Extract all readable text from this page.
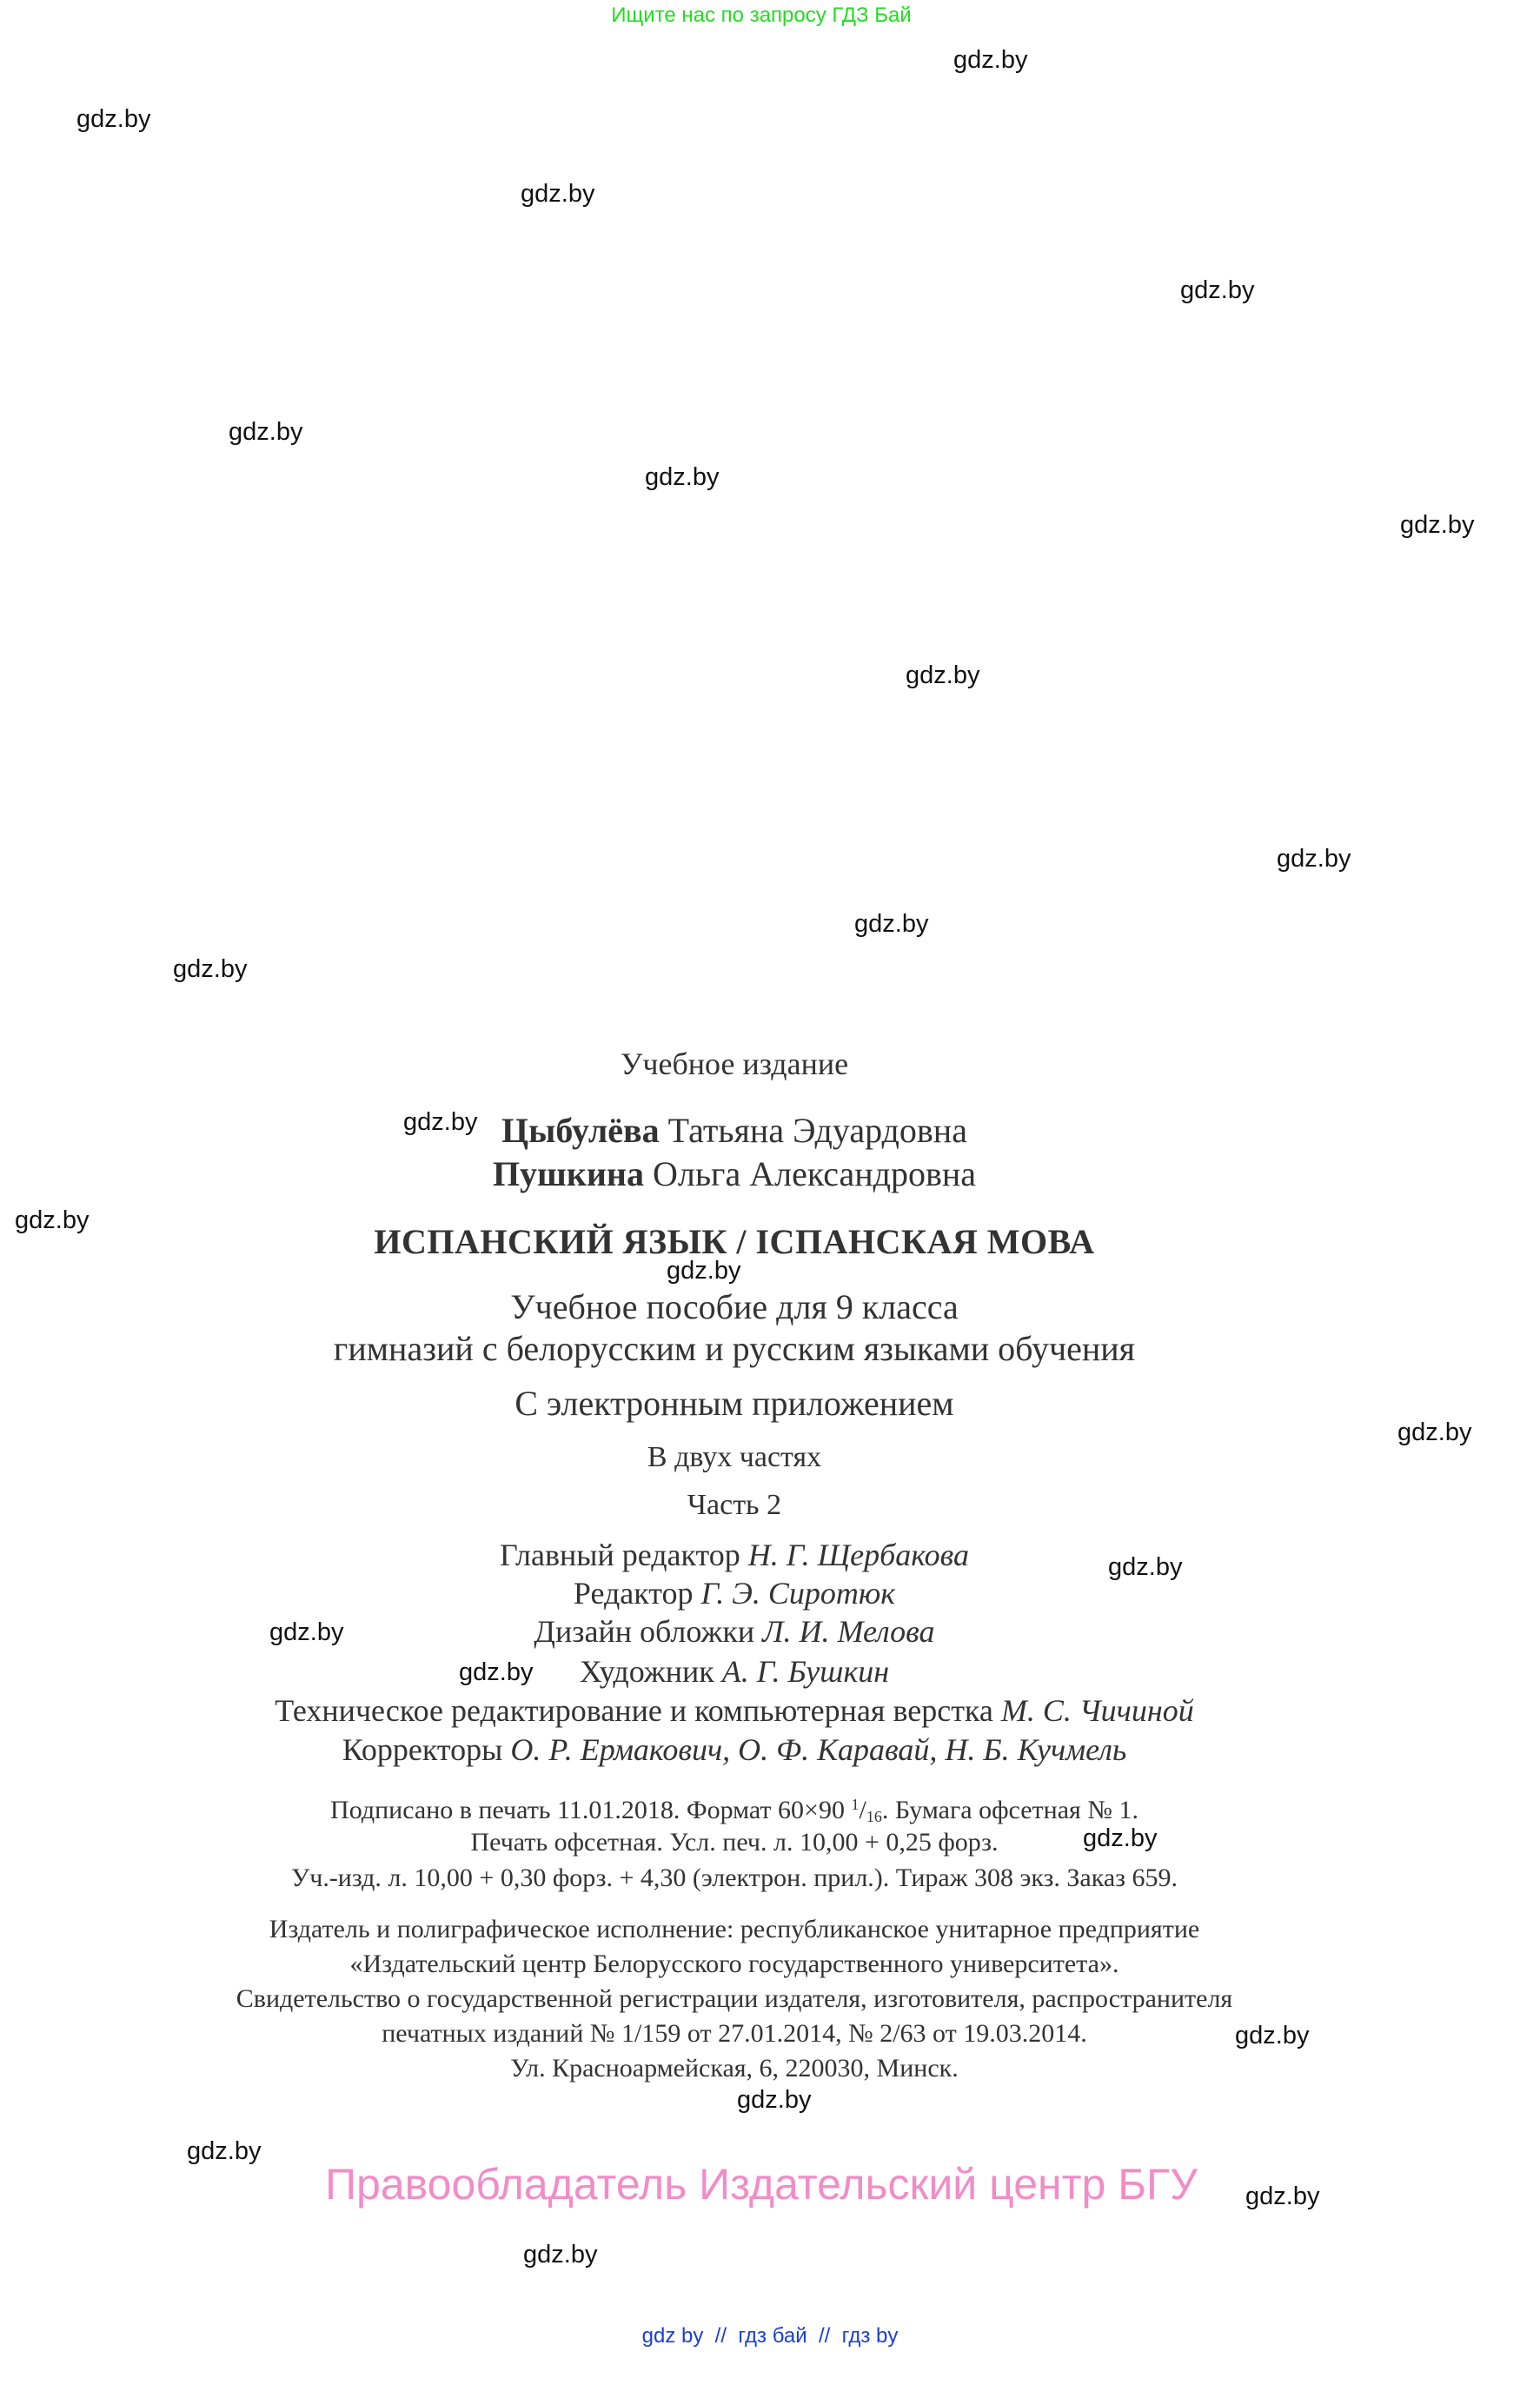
Ищите нас по запросу ГДЗ Бай
gdz.by
gdz.by
gdz.by
gdz.by
gdz.by
gdz.by
gdz.by
gdz.by
gdz.by
gdz.by
gdz.by
gdz.by
gdz.by
gdz.by
gdz.by
gdz.by
gdz.by
gdz.by
gdz.by
gdz.by
gdz.by
gdz.by
gdz.by
gdz.by
Учебное издание
Цыбулёва Татьяна Эдуардовна
Пушкина Ольга Александровна
ИСПАНСКИЙ ЯЗЫК / ІСПАНСКАЯ МОВА
Учебное пособие для 9 класса
гимназий с белорусским и русским языками обучения
С электронным приложением
В двух частях
Часть 2
Главный редактор Н. Г. Щербакова
Редактор Г. Э. Сиротюк
Дизайн обложки Л. И. Мелова
Художник А. Г. Бушкин
Техническое редактирование и компьютерная верстка М. С. Чичиной
Корректоры О. Р. Ермакович, О. Ф. Каравай, Н. Б. Кучмель
Подписано в печать 11.01.2018. Формат 60×90 $^1/_{16}$. Бумага офсетная № 1.
Печать офсетная. Усл. печ. л. 10,00 + 0,25 форз.
Уч.-изд. л. 10,00 + 0,30 форз. + 4,30 (электрон. прил.). Тираж 308 экз. Заказ 659.
Издатель и полиграфическое исполнение: республиканское унитарное предприятие
«Издательский центр Белорусского государственного университета».
Свидетельство о государственной регистрации издателя, изготовителя, распространителя
печатных изданий № 1/159 от 27.01.2014, № 2/63 от 19.03.2014.
Ул. Красноармейская, 6, 220030, Минск.
Правообладатель Издательский центр БГУ
gdz by  //  гдз бай  //  гдз by
